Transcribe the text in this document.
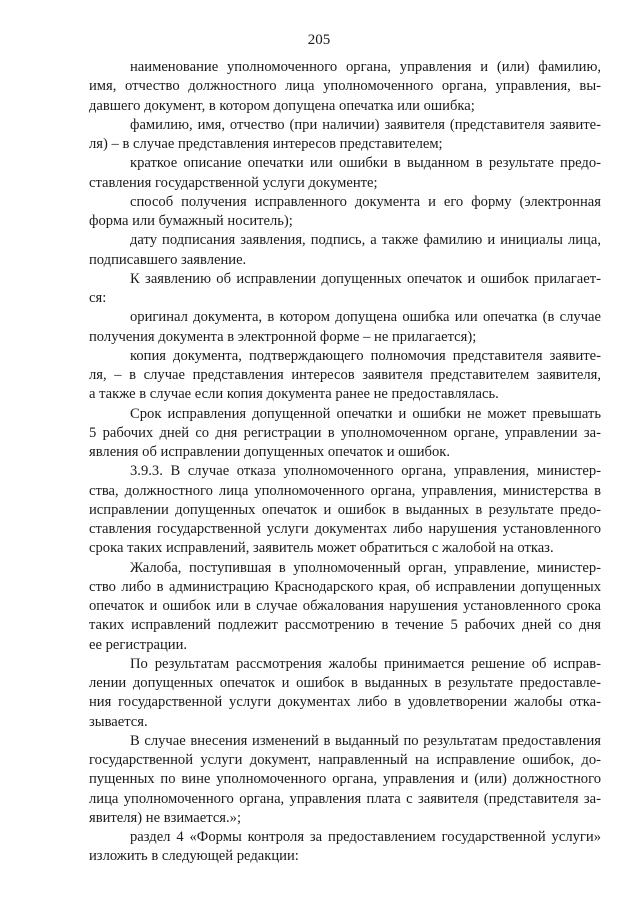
205
наименование уполномоченного органа, управления и (или) фамилию,
имя, отчество должностного лица уполномоченного органа, управления, вы-
давшего документ, в котором допущена опечатка или ошибка;
фамилию, имя, отчество (при наличии) заявителя (представителя заявите-
ля) – в случае представления интересов представителем;
краткое описание опечатки или ошибки в выданном в результате предо-
ставления государственной услуги документе;
способ получения исправленного документа и его форму (электронная
форма или бумажный носитель);
дату подписания заявления, подпись, а также фамилию и инициалы лица,
подписавшего заявление.
К заявлению об исправлении допущенных опечаток и ошибок прилагает-
ся:
оригинал документа, в котором допущена ошибка или опечатка (в случае
получения документа в электронной форме – не прилагается);
копия документа, подтверждающего полномочия представителя заявите-
ля, – в случае представления интересов заявителя представителем заявителя,
а также в случае если копия документа ранее не предоставлялась.
Срок исправления допущенной опечатки и ошибки не может превышать
5 рабочих дней со дня регистрации в уполномоченном органе, управлении за-
явления об исправлении допущенных опечаток и ошибок.
3.9.3. В случае отказа уполномоченного органа, управления, министер-
ства, должностного лица уполномоченного органа, управления, министерства в
исправлении допущенных опечаток и ошибок в выданных в результате предо-
ставления государственной услуги документах либо нарушения установленного
срока таких исправлений, заявитель может обратиться с жалобой на отказ.
Жалоба, поступившая в уполномоченный орган, управление, министер-
ство либо в администрацию Краснодарского края, об исправлении допущенных
опечаток и ошибок или в случае обжалования нарушения установленного срока
таких исправлений подлежит рассмотрению в течение 5 рабочих дней со дня
ее регистрации.
По результатам рассмотрения жалобы принимается решение об исправ-
лении допущенных опечаток и ошибок в выданных в результате предоставле-
ния государственной услуги документах либо в удовлетворении жалобы отка-
зывается.
В случае внесения изменений в выданный по результатам предоставления
государственной услуги документ, направленный на исправление ошибок, до-
пущенных по вине уполномоченного органа, управления и (или) должностного
лица уполномоченного органа, управления плата с заявителя (представителя за-
явителя) не взимается.»;
раздел 4 «Формы контроля за предоставлением государственной услуги»
изложить в следующей редакции:
